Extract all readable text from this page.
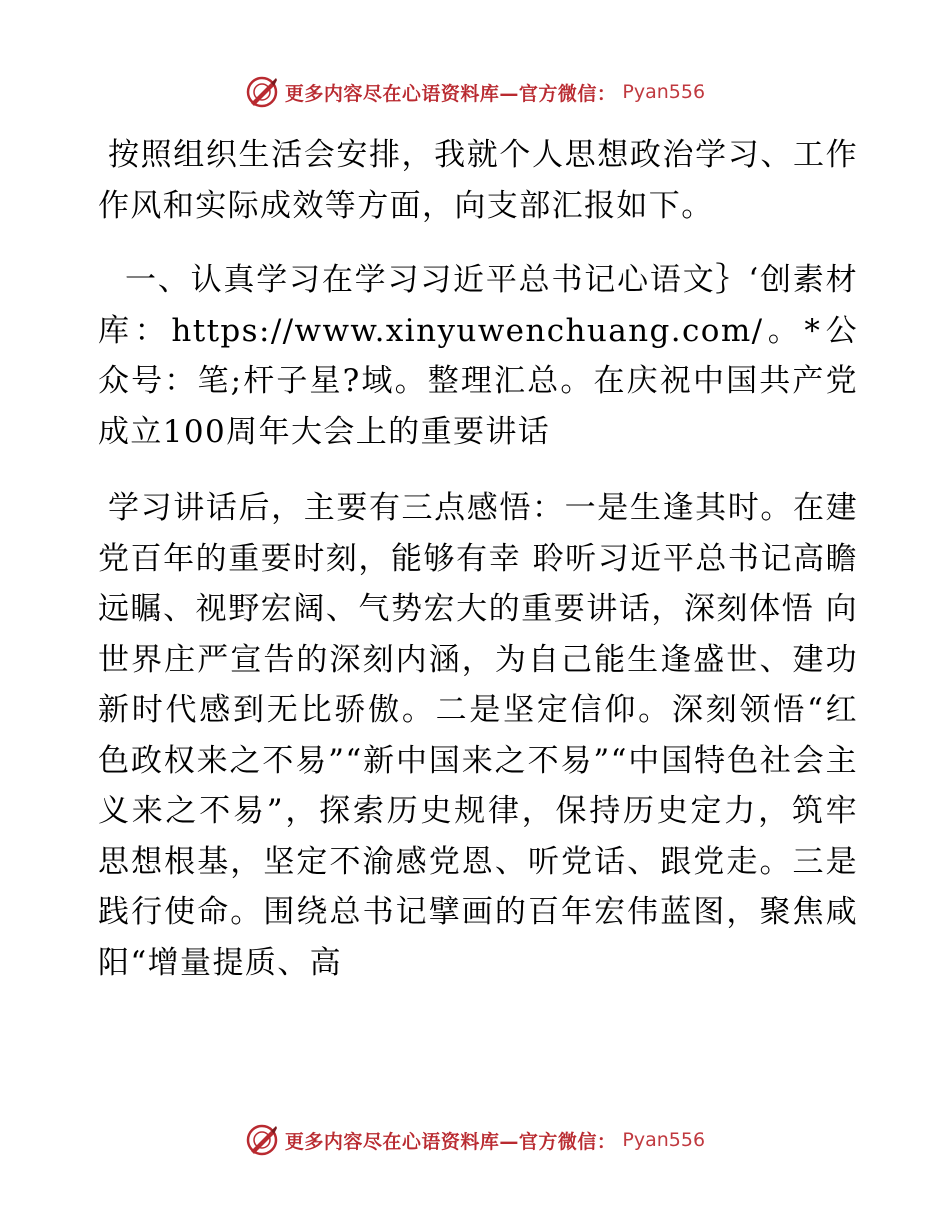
更多内容尽在心语资料库—官方微信： Pyan556

按照组织生活会安排，我就个人思想政治学习、工作作风和实际成效等方面，向支部汇报如下。

一、认真学习在学习习近平总书记心语文｝‘创素材库：https://www.xinyuwenchuang.com/。*公众号：笔;杆子星?域。整理汇总。在庆祝中国共产党成立100周年大会上的重要讲话

学习讲话后，主要有三点感悟：一是生逢其时。在建党百年的重要时刻，能够有幸 聆听习近平总书记高瞻远瞩、视野宏阔、气势宏大的重要讲话，深刻体悟 向世界庄严宣告的深刻内涵，为自己能生逢盛世、建功新时代感到无比骄傲。二是坚定信仰。深刻领悟“红色政权来之不易”“新中国来之不易”“中国特色社会主义来之不易”，探索历史规律，保持历史定力，筑牢思想根基，坚定不渝感党恩、听党话、跟党走。三是践行使命。围绕总书记擘画的百年宏伟蓝图，聚焦咸阳“增量提质、高

更多内容尽在心语资料库—官方微信： Pyan556
